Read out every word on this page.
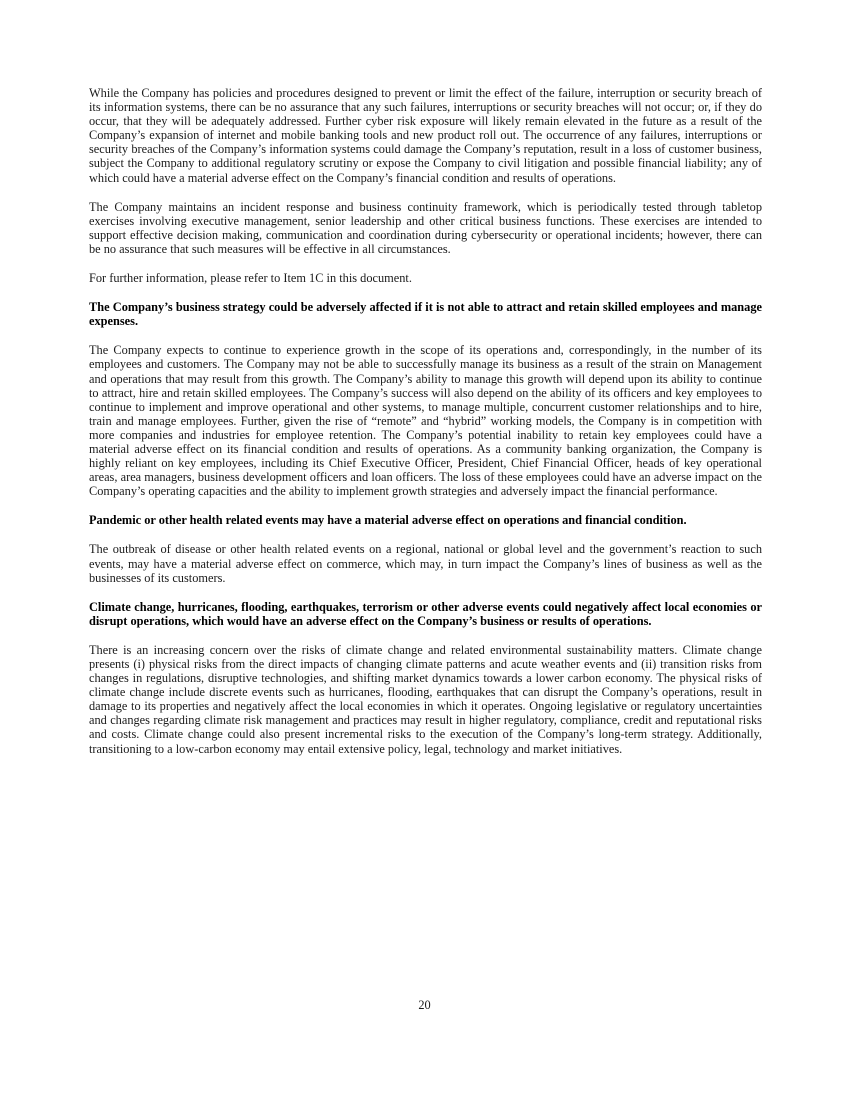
While the Company has policies and procedures designed to prevent or limit the effect of the failure, interruption or security breach of its information systems, there can be no assurance that any such failures, interruptions or security breaches will not occur; or, if they do occur, that they will be adequately addressed. Further cyber risk exposure will likely remain elevated in the future as a result of the Company’s expansion of internet and mobile banking tools and new product roll out. The occurrence of any failures, interruptions or security breaches of the Company’s information systems could damage the Company’s reputation, result in a loss of customer business, subject the Company to additional regulatory scrutiny or expose the Company to civil litigation and possible financial liability; any of which could have a material adverse effect on the Company’s financial condition and results of operations.

The Company maintains an incident response and business continuity framework, which is periodically tested through tabletop exercises involving executive management, senior leadership and other critical business functions. These exercises are intended to support effective decision making, communication and coordination during cybersecurity or operational incidents; however, there can be no assurance that such measures will be effective in all circumstances.

For further information, please refer to Item 1C in this document.

The Company’s business strategy could be adversely affected if it is not able to attract and retain skilled employees and manage expenses.

The Company expects to continue to experience growth in the scope of its operations and, correspondingly, in the number of its employees and customers. The Company may not be able to successfully manage its business as a result of the strain on Management and operations that may result from this growth. The Company’s ability to manage this growth will depend upon its ability to continue to attract, hire and retain skilled employees. The Company’s success will also depend on the ability of its officers and key employees to continue to implement and improve operational and other systems, to manage multiple, concurrent customer relationships and to hire, train and manage employees. Further, given the rise of “remote” and “hybrid” working models, the Company is in competition with more companies and industries for employee retention. The Company’s potential inability to retain key employees could have a material adverse effect on its financial condition and results of operations. As a community banking organization, the Company is highly reliant on key employees, including its Chief Executive Officer, President, Chief Financial Officer, heads of key operational areas, area managers, business development officers and loan officers. The loss of these employees could have an adverse impact on the Company’s operating capacities and the ability to implement growth strategies and adversely impact the financial performance.

Pandemic or other health related events may have a material adverse effect on operations and financial condition.

The outbreak of disease or other health related events on a regional, national or global level and the government’s reaction to such events, may have a material adverse effect on commerce, which may, in turn impact the Company’s lines of business as well as the businesses of its customers.

Climate change, hurricanes, flooding, earthquakes, terrorism or other adverse events could negatively affect local economies or disrupt operations, which would have an adverse effect on the Company’s business or results of operations.

There is an increasing concern over the risks of climate change and related environmental sustainability matters. Climate change presents (i) physical risks from the direct impacts of changing climate patterns and acute weather events and (ii) transition risks from changes in regulations, disruptive technologies, and shifting market dynamics towards a lower carbon economy. The physical risks of climate change include discrete events such as hurricanes, flooding, earthquakes that can disrupt the Company’s operations, result in damage to its properties and negatively affect the local economies in which it operates. Ongoing legislative or regulatory uncertainties and changes regarding climate risk management and practices may result in higher regulatory, compliance, credit and reputational risks and costs. Climate change could also present incremental risks to the execution of the Company’s long-term strategy. Additionally, transitioning to a low-carbon economy may entail extensive policy, legal, technology and market initiatives.

20
